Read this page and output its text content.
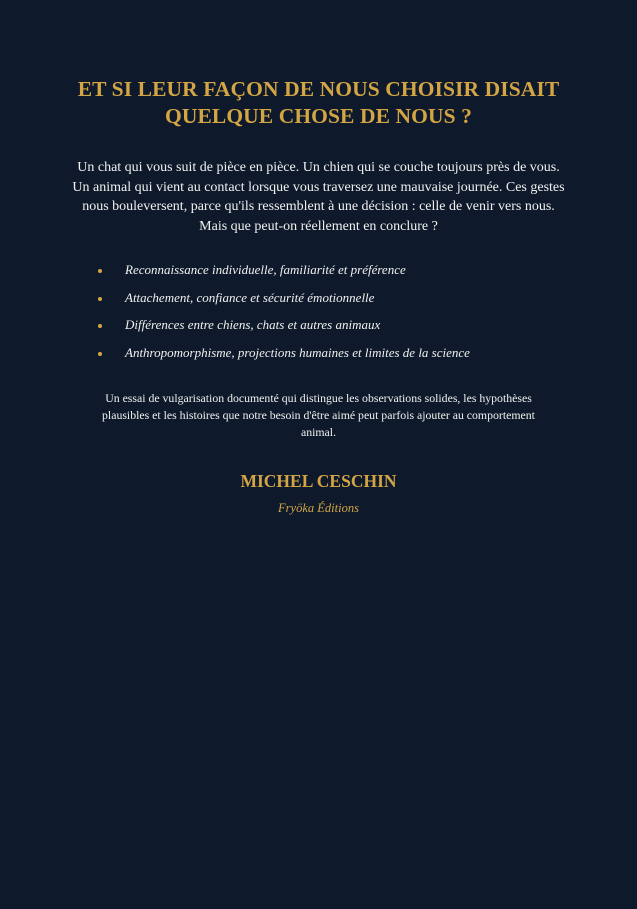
ET SI LEUR FAÇON DE NOUS CHOISIR DISAIT
QUELQUE CHOSE DE NOUS ?

Un chat qui vous suit de pièce en pièce. Un chien qui se couche toujours près de vous.
Un animal qui vient au contact lorsque vous traversez une mauvaise journée. Ces gestes
nous bouleversent, parce qu'ils ressemblent à une décision : celle de venir vers nous.
Mais que peut-on réellement en conclure ?

Reconnaissance individuelle, familiarité et préférence
Attachement, confiance et sécurité émotionnelle
Différences entre chiens, chats et autres animaux
Anthropomorphisme, projections humaines et limites de la science

Un essai de vulgarisation documenté qui distingue les observations solides, les hypothèses
plausibles et les histoires que notre besoin d'être aimé peut parfois ajouter au comportement
animal.

MICHEL CESCHIN
Fryöka Éditions
